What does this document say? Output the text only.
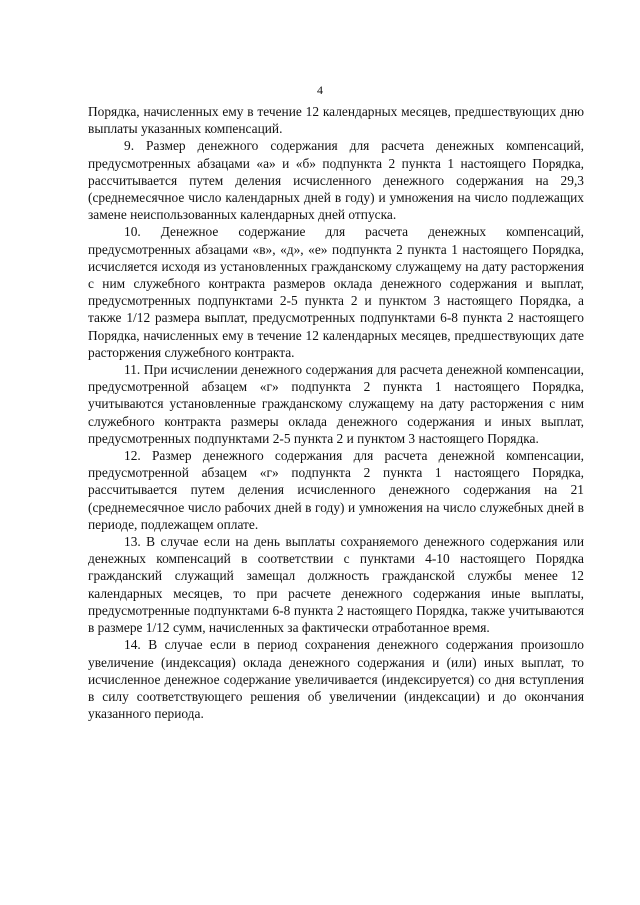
4

Порядка, начисленных ему в течение 12 календарных месяцев, предшествующих дню выплаты указанных компенсаций.

9. Размер денежного содержания для расчета денежных компенсаций, предусмотренных абзацами «а» и «б» подпункта 2 пункта 1 настоящего Порядка, рассчитывается путем деления исчисленного денежного содержания на 29,3 (среднемесячное число календарных дней в году) и умножения на число подлежащих замене неиспользованных календарных дней отпуска.

10. Денежное содержание для расчета денежных компенсаций, предусмотренных абзацами «в», «д», «е» подпункта 2 пункта 1 настоящего Порядка, исчисляется исходя из установленных гражданскому служащему на дату расторжения с ним служебного контракта размеров оклада денежного содержания и выплат, предусмотренных подпунктами 2-5 пункта 2 и пунктом 3 настоящего Порядка, а также 1/12 размера выплат, предусмотренных подпунктами 6-8 пункта 2 настоящего Порядка, начисленных ему в течение 12 календарных месяцев, предшествующих дате расторжения служебного контракта.

11. При исчислении денежного содержания для расчета денежной компенсации, предусмотренной абзацем «г» подпункта 2 пункта 1 настоящего Порядка, учитываются установленные гражданскому служащему на дату расторжения с ним служебного контракта размеры оклада денежного содержания и иных выплат, предусмотренных подпунктами 2-5 пункта 2 и пунктом 3 настоящего Порядка.

12. Размер денежного содержания для расчета денежной компенсации, предусмотренной абзацем «г» подпункта 2 пункта 1 настоящего Порядка, рассчитывается путем деления исчисленного денежного содержания на 21 (среднемесячное число рабочих дней в году) и умножения на число служебных дней в периоде, подлежащем оплате.

13. В случае если на день выплаты сохраняемого денежного содержания или денежных компенсаций в соответствии с пунктами 4-10 настоящего Порядка гражданский служащий замещал должность гражданской службы менее 12 календарных месяцев, то при расчете денежного содержания иные выплаты, предусмотренные подпунктами 6-8 пункта 2 настоящего Порядка, также учитываются в размере 1/12 сумм, начисленных за фактически отработанное время.

14. В случае если в период сохранения денежного содержания произошло увеличение (индексация) оклада денежного содержания и (или) иных выплат, то исчисленное денежное содержание увеличивается (индексируется) со дня вступления в силу соответствующего решения об увеличении (индексации) и до окончания указанного периода.
